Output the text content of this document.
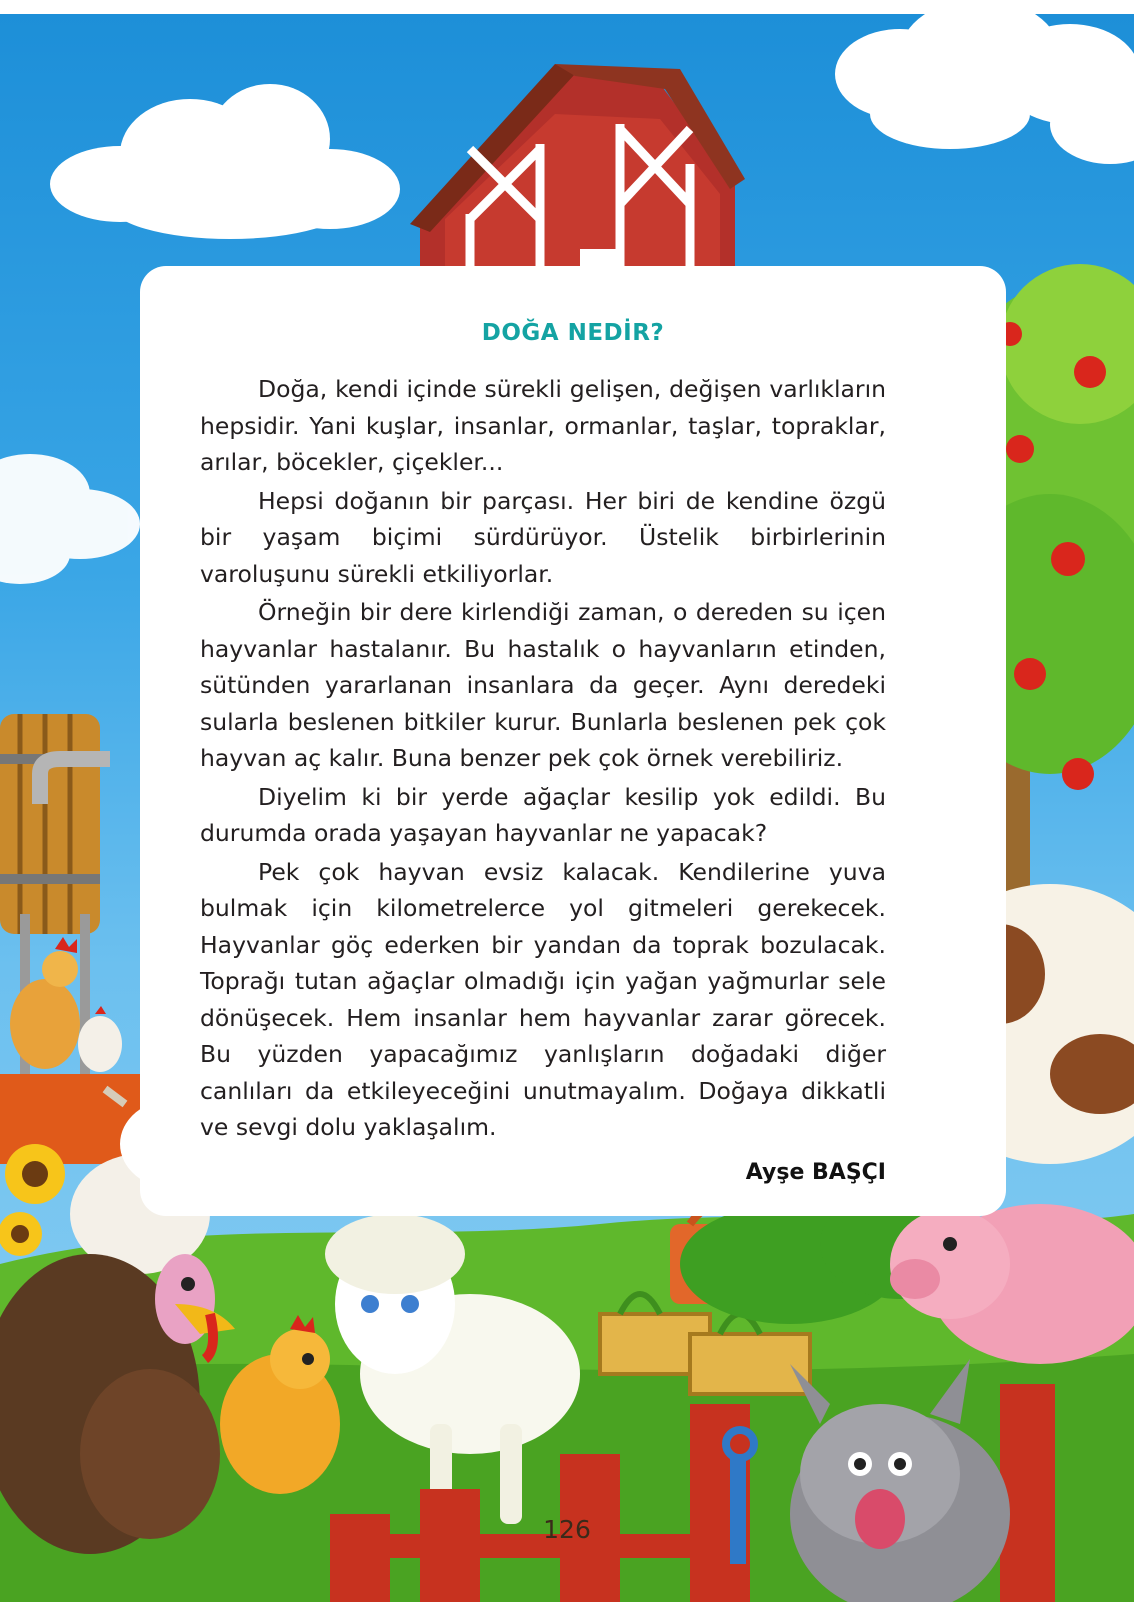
DOĞA NEDİR?

Doğa, kendi içinde sürekli gelişen, değişen varlıkların hepsidir. Yani kuşlar, insanlar, ormanlar, taşlar, topraklar, arılar, böcekler, çiçekler...

Hepsi doğanın bir parçası. Her biri de kendine özgü bir yaşam biçimi sürdürüyor. Üstelik birbirlerinin varoluşunu sürekli etkiliyorlar.

Örneğin bir dere kirlendiği zaman, o dereden su içen hayvanlar hastalanır. Bu hastalık o hayvanların etinden, sütünden yararlanan insanlara da geçer. Aynı deredeki sularla beslenen bitkiler kurur. Bunlarla beslenen pek çok hayvan aç kalır. Buna benzer pek çok örnek verebiliriz.

Diyelim ki bir yerde ağaçlar kesilip yok edildi. Bu durumda orada yaşayan hayvanlar ne yapacak?

Pek çok hayvan evsiz kalacak. Kendilerine yuva bulmak için kilometrelerce yol gitmeleri gerekecek. Hayvanlar göç ederken bir yandan da toprak bozulacak. Toprağı tutan ağaçlar olmadığı için yağan yağmurlar sele dönüşecek. Hem insanlar hem hayvanlar zarar görecek. Bu yüzden yapacağımız yanlışların doğadaki diğer canlıları da etkileyeceğini unutmayalım. Doğaya dikkatli ve sevgi dolu yaklaşalım.

Ayşe BAŞÇI
126
